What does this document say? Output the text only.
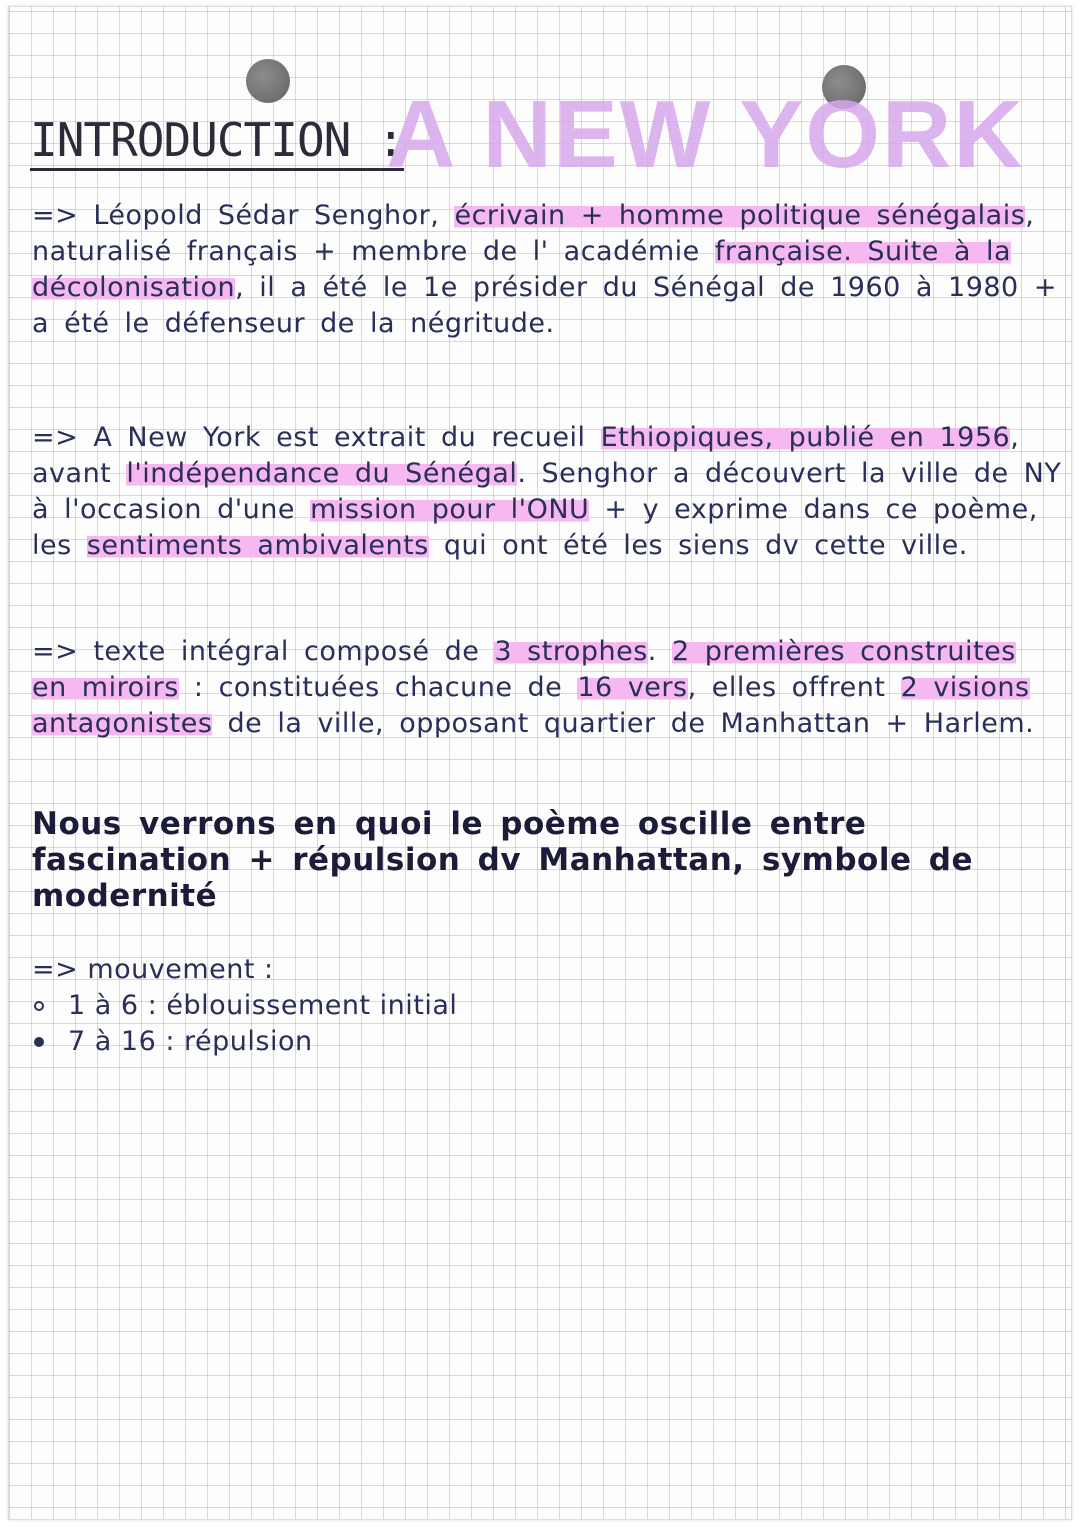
INTRODUCTION :
A NEW YORK

=> Léopold Sédar Senghor, écrivain + homme politique sénégalais, naturalisé français + membre de l' académie française. Suite à la décolonisation, il a été le 1e présider du Sénégal de 1960 à 1980 + a été le défenseur de la négritude.

=> A New York est extrait du recueil Ethiopiques, publié en 1956, avant l'indépendance du Sénégal. Senghor a découvert la ville de NY à l'occasion d'une mission pour l'ONU + y exprime dans ce poème, les sentiments ambivalents qui ont été les siens dv cette ville.

=> texte intégral composé de 3 strophes. 2 premières construites en miroirs : constituées chacune de 16 vers, elles offrent 2 visions antagonistes de la ville, opposant quartier de Manhattan + Harlem.

Nous verrons en quoi le poème oscille entre fascination + répulsion dv Manhattan, symbole de modernité

=> mouvement :
1 à 6 : éblouissement initial
7 à 16 : répulsion
